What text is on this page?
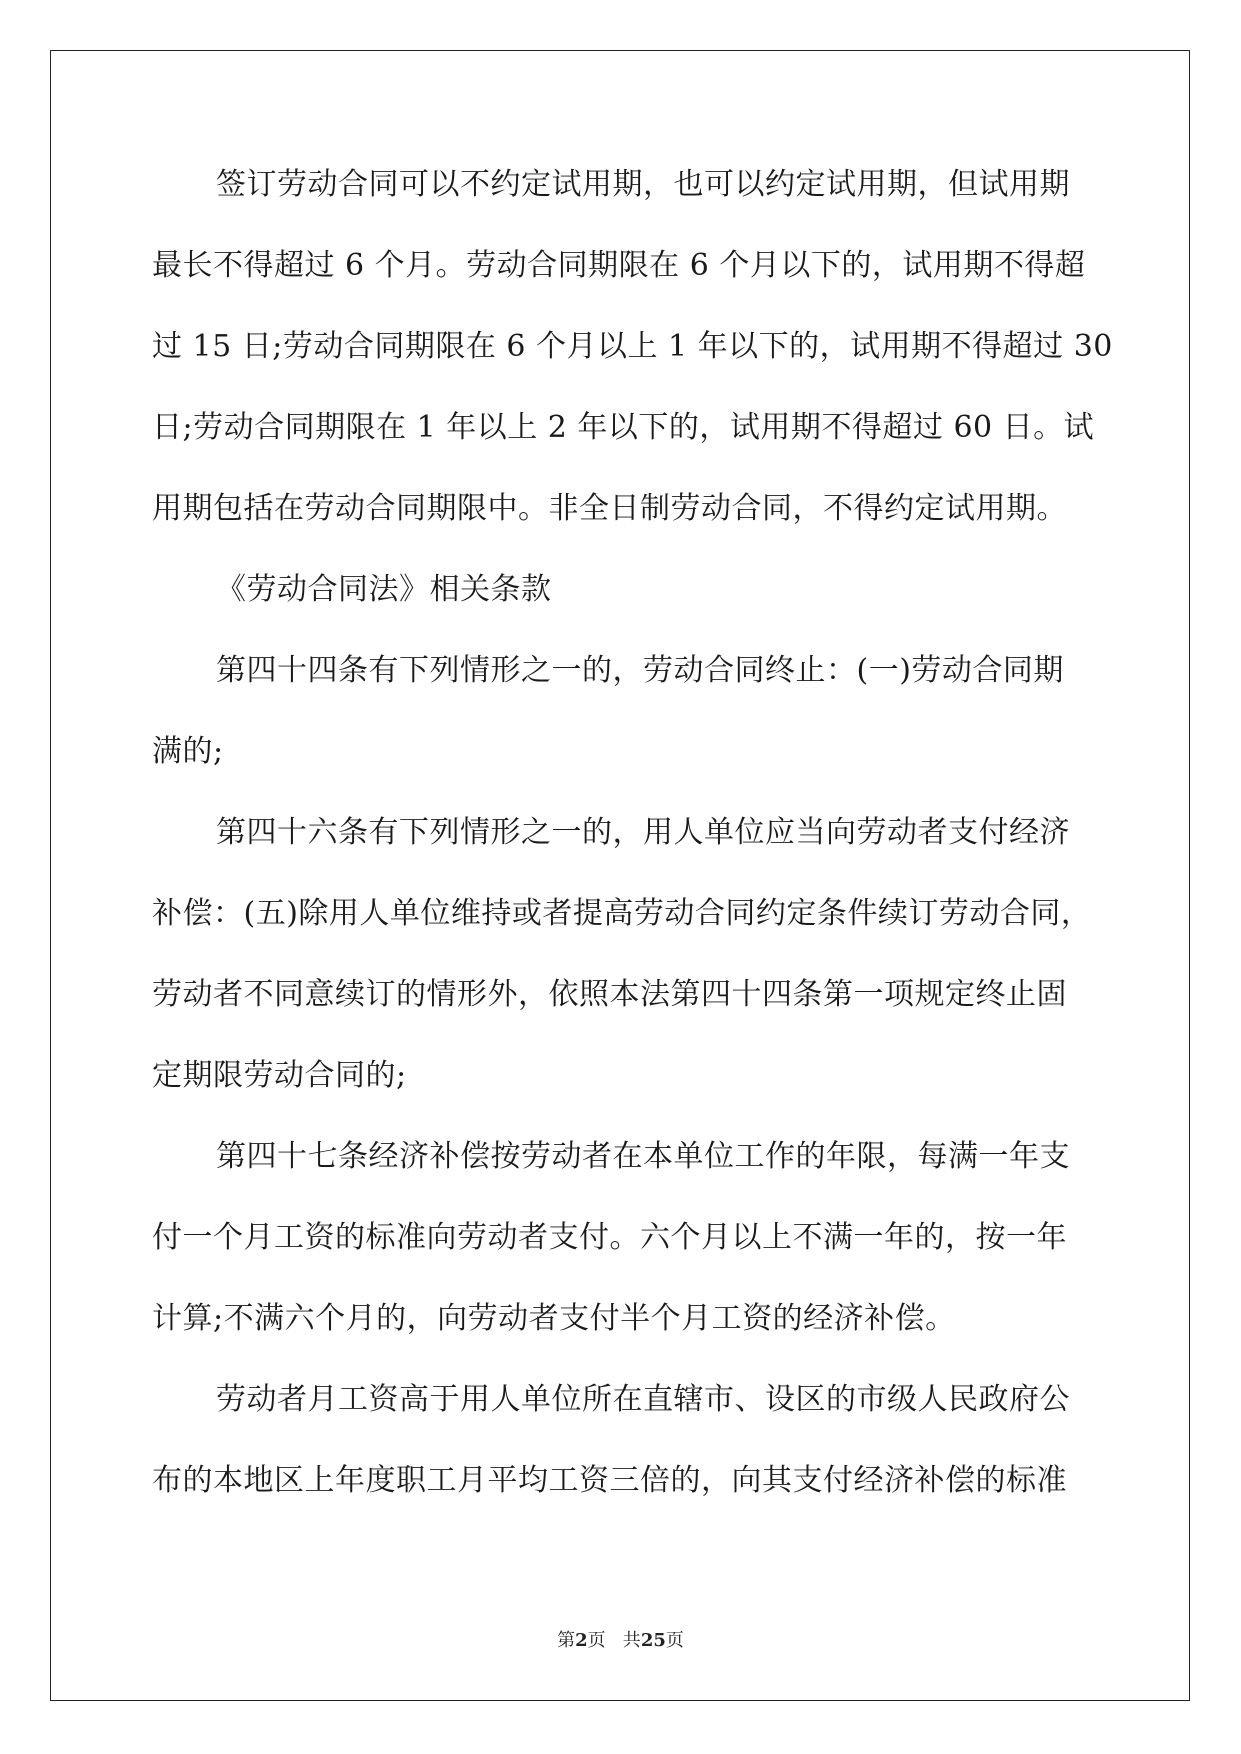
签订劳动合同可以不约定试用期，也可以约定试用期，但试用期
最长不得超过 6 个月。劳动合同期限在 6 个月以下的，试用期不得超
过 15 日;劳动合同期限在 6 个月以上 1 年以下的，试用期不得超过 30
日;劳动合同期限在 1 年以上 2 年以下的，试用期不得超过 60 日。试
用期包括在劳动合同期限中。非全日制劳动合同，不得约定试用期。
《劳动合同法》相关条款
第四十四条有下列情形之一的，劳动合同终止：(一)劳动合同期
满的;
第四十六条有下列情形之一的，用人单位应当向劳动者支付经济
补偿：(五)除用人单位维持或者提高劳动合同约定条件续订劳动合同，
劳动者不同意续订的情形外，依照本法第四十四条第一项规定终止固
定期限劳动合同的;
第四十七条经济补偿按劳动者在本单位工作的年限，每满一年支
付一个月工资的标准向劳动者支付。六个月以上不满一年的，按一年
计算;不满六个月的，向劳动者支付半个月工资的经济补偿。
劳动者月工资高于用人单位所在直辖市、设区的市级人民政府公
布的本地区上年度职工月平均工资三倍的，向其支付经济补偿的标准
第2页   共25页
